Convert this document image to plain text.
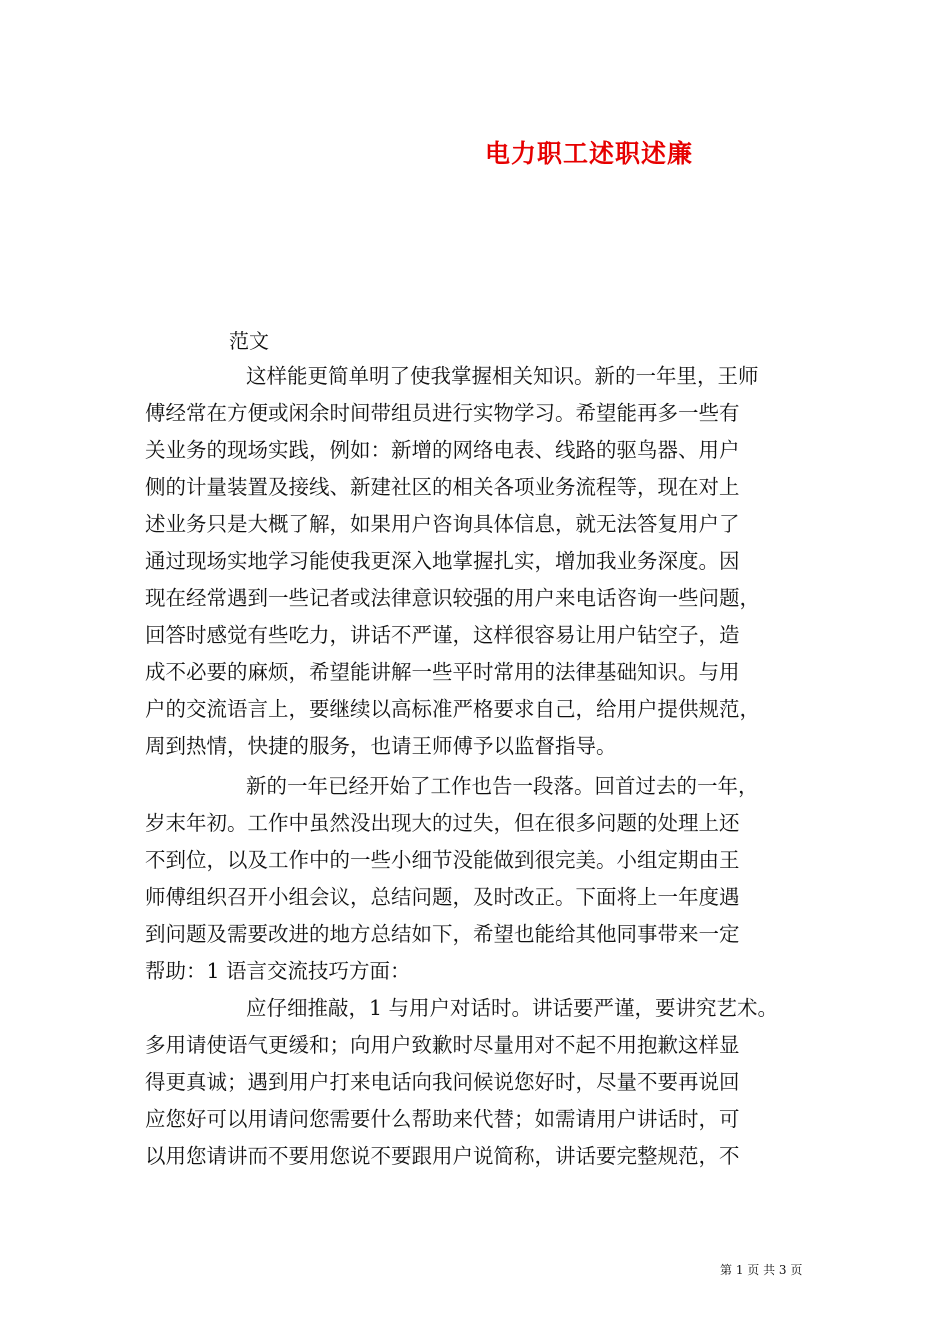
电力职工述职述廉
范文
这样能更简单明了使我掌握相关知识。新的一年里，王师
傅经常在方便或闲余时间带组员进行实物学习。希望能再多一些有
关业务的现场实践，例如：新增的网络电表、线路的驱鸟器、用户
侧的计量装置及接线、新建社区的相关各项业务流程等，现在对上
述业务只是大概了解，如果用户咨询具体信息，就无法答复用户了
通过现场实地学习能使我更深入地掌握扎实，增加我业务深度。因
现在经常遇到一些记者或法律意识较强的用户来电话咨询一些问题，
回答时感觉有些吃力，讲话不严谨，这样很容易让用户钻空子，造
成不必要的麻烦，希望能讲解一些平时常用的法律基础知识。与用
户的交流语言上，要继续以高标准严格要求自己，给用户提供规范，
周到热情，快捷的服务，也请王师傅予以监督指导。
新的一年已经开始了工作也告一段落。回首过去的一年，
岁末年初。工作中虽然没出现大的过失，但在很多问题的处理上还
不到位，以及工作中的一些小细节没能做到很完美。小组定期由王
师傅组织召开小组会议，总结问题，及时改正。下面将上一年度遇
到问题及需要改进的地方总结如下，希望也能给其他同事带来一定
帮助：1 语言交流技巧方面：
应仔细推敲，1 与用户对话时。讲话要严谨，要讲究艺术。
多用请使语气更缓和；向用户致歉时尽量用对不起不用抱歉这样显
得更真诚；遇到用户打来电话向我问候说您好时，尽量不要再说回
应您好可以用请问您需要什么帮助来代替；如需请用户讲话时，可
以用您请讲而不要用您说不要跟用户说简称，讲话要完整规范，不
第 1 页 共 3 页
